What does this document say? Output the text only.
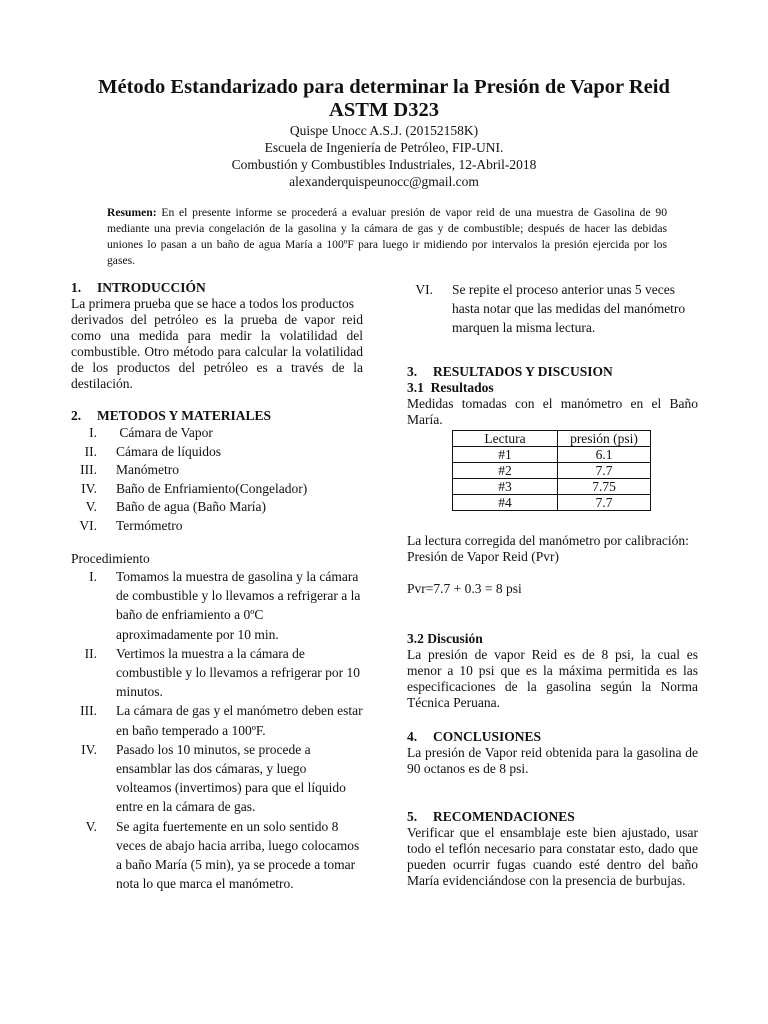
Método Estandarizado para determinar la Presión de Vapor Reid
ASTM D323
Quispe Unocc A.S.J. (20152158K)
Escuela de Ingeniería de Petróleo, FIP-UNI.
Combustión y Combustibles Industriales, 12-Abril-2018
alexanderquispeunocc@gmail.com
Resumen: En el presente informe se procederá a evaluar presión de vapor reid de una muestra de Gasolina de 90 mediante una previa congelación de la gasolina y la cámara de gas y de combustible; después de hacer las debidas uniones lo pasan a un baño de agua María a 100ºF para luego ir midiendo por intervalos la presión ejercida por los gases.
1. INTRODUCCIÓN
La primera prueba que se hace a todos los productos
derivados del petróleo es la prueba de vapor reid como una medida para medir la volatilidad del combustible. Otro método para calcular la volatilidad de los productos del petróleo es a través de la destilación.
2. METODOS Y MATERIALES
I. Cámara de Vapor
II. Cámara de líquidos
III. Manómetro
IV. Baño de Enfriamiento(Congelador)
V. Baño de agua (Baño María)
VI. Termómetro
Procedimiento
I. Tomamos la muestra de gasolina y la cámara de combustible y lo llevamos a refrigerar a la baño de enfriamiento a 0ºC aproximadamente por 10 min.
II. Vertimos la muestra a la cámara de combustible y lo llevamos a refrigerar por 10 minutos.
III. La cámara de gas y el manómetro deben estar en baño temperado a 100ºF.
IV. Pasado los 10 minutos, se procede a ensamblar las dos cámaras, y luego volteamos (invertimos) para que el líquido entre en la cámara de gas.
V. Se agita fuertemente en un solo sentido 8 veces de abajo hacia arriba, luego colocamos a baño María (5 min), ya se procede a tomar nota lo que marca el manómetro.
VI. Se repite el proceso anterior unas 5 veces hasta notar que las medidas del manómetro marquen la misma lectura.
3. RESULTADOS Y DISCUSION
3.1  Resultados
Medidas tomadas con el manómetro en el Baño María.
Lectura	presión (psi)
#1	6.1
#2	7.7
#3	7.75
#4	7.7
La lectura corregida del manómetro por calibración:
Presión de Vapor Reid (Pvr)
Pvr=7.7 + 0.3 = 8 psi
3.2 Discusión
La presión de vapor Reid es de 8 psi, la cual es menor a 10 psi que es la máxima permitida es las especificaciones de la gasolina según la Norma Técnica Peruana.
4. CONCLUSIONES
La presión de Vapor reid obtenida para la gasolina de 90 octanos es de 8 psi.
5. RECOMENDACIONES
Verificar que el ensamblaje este bien ajustado, usar todo el teflón necesario para constatar esto, dado que pueden ocurrir fugas cuando esté dentro del baño María evidenciándose con la presencia de burbujas.
